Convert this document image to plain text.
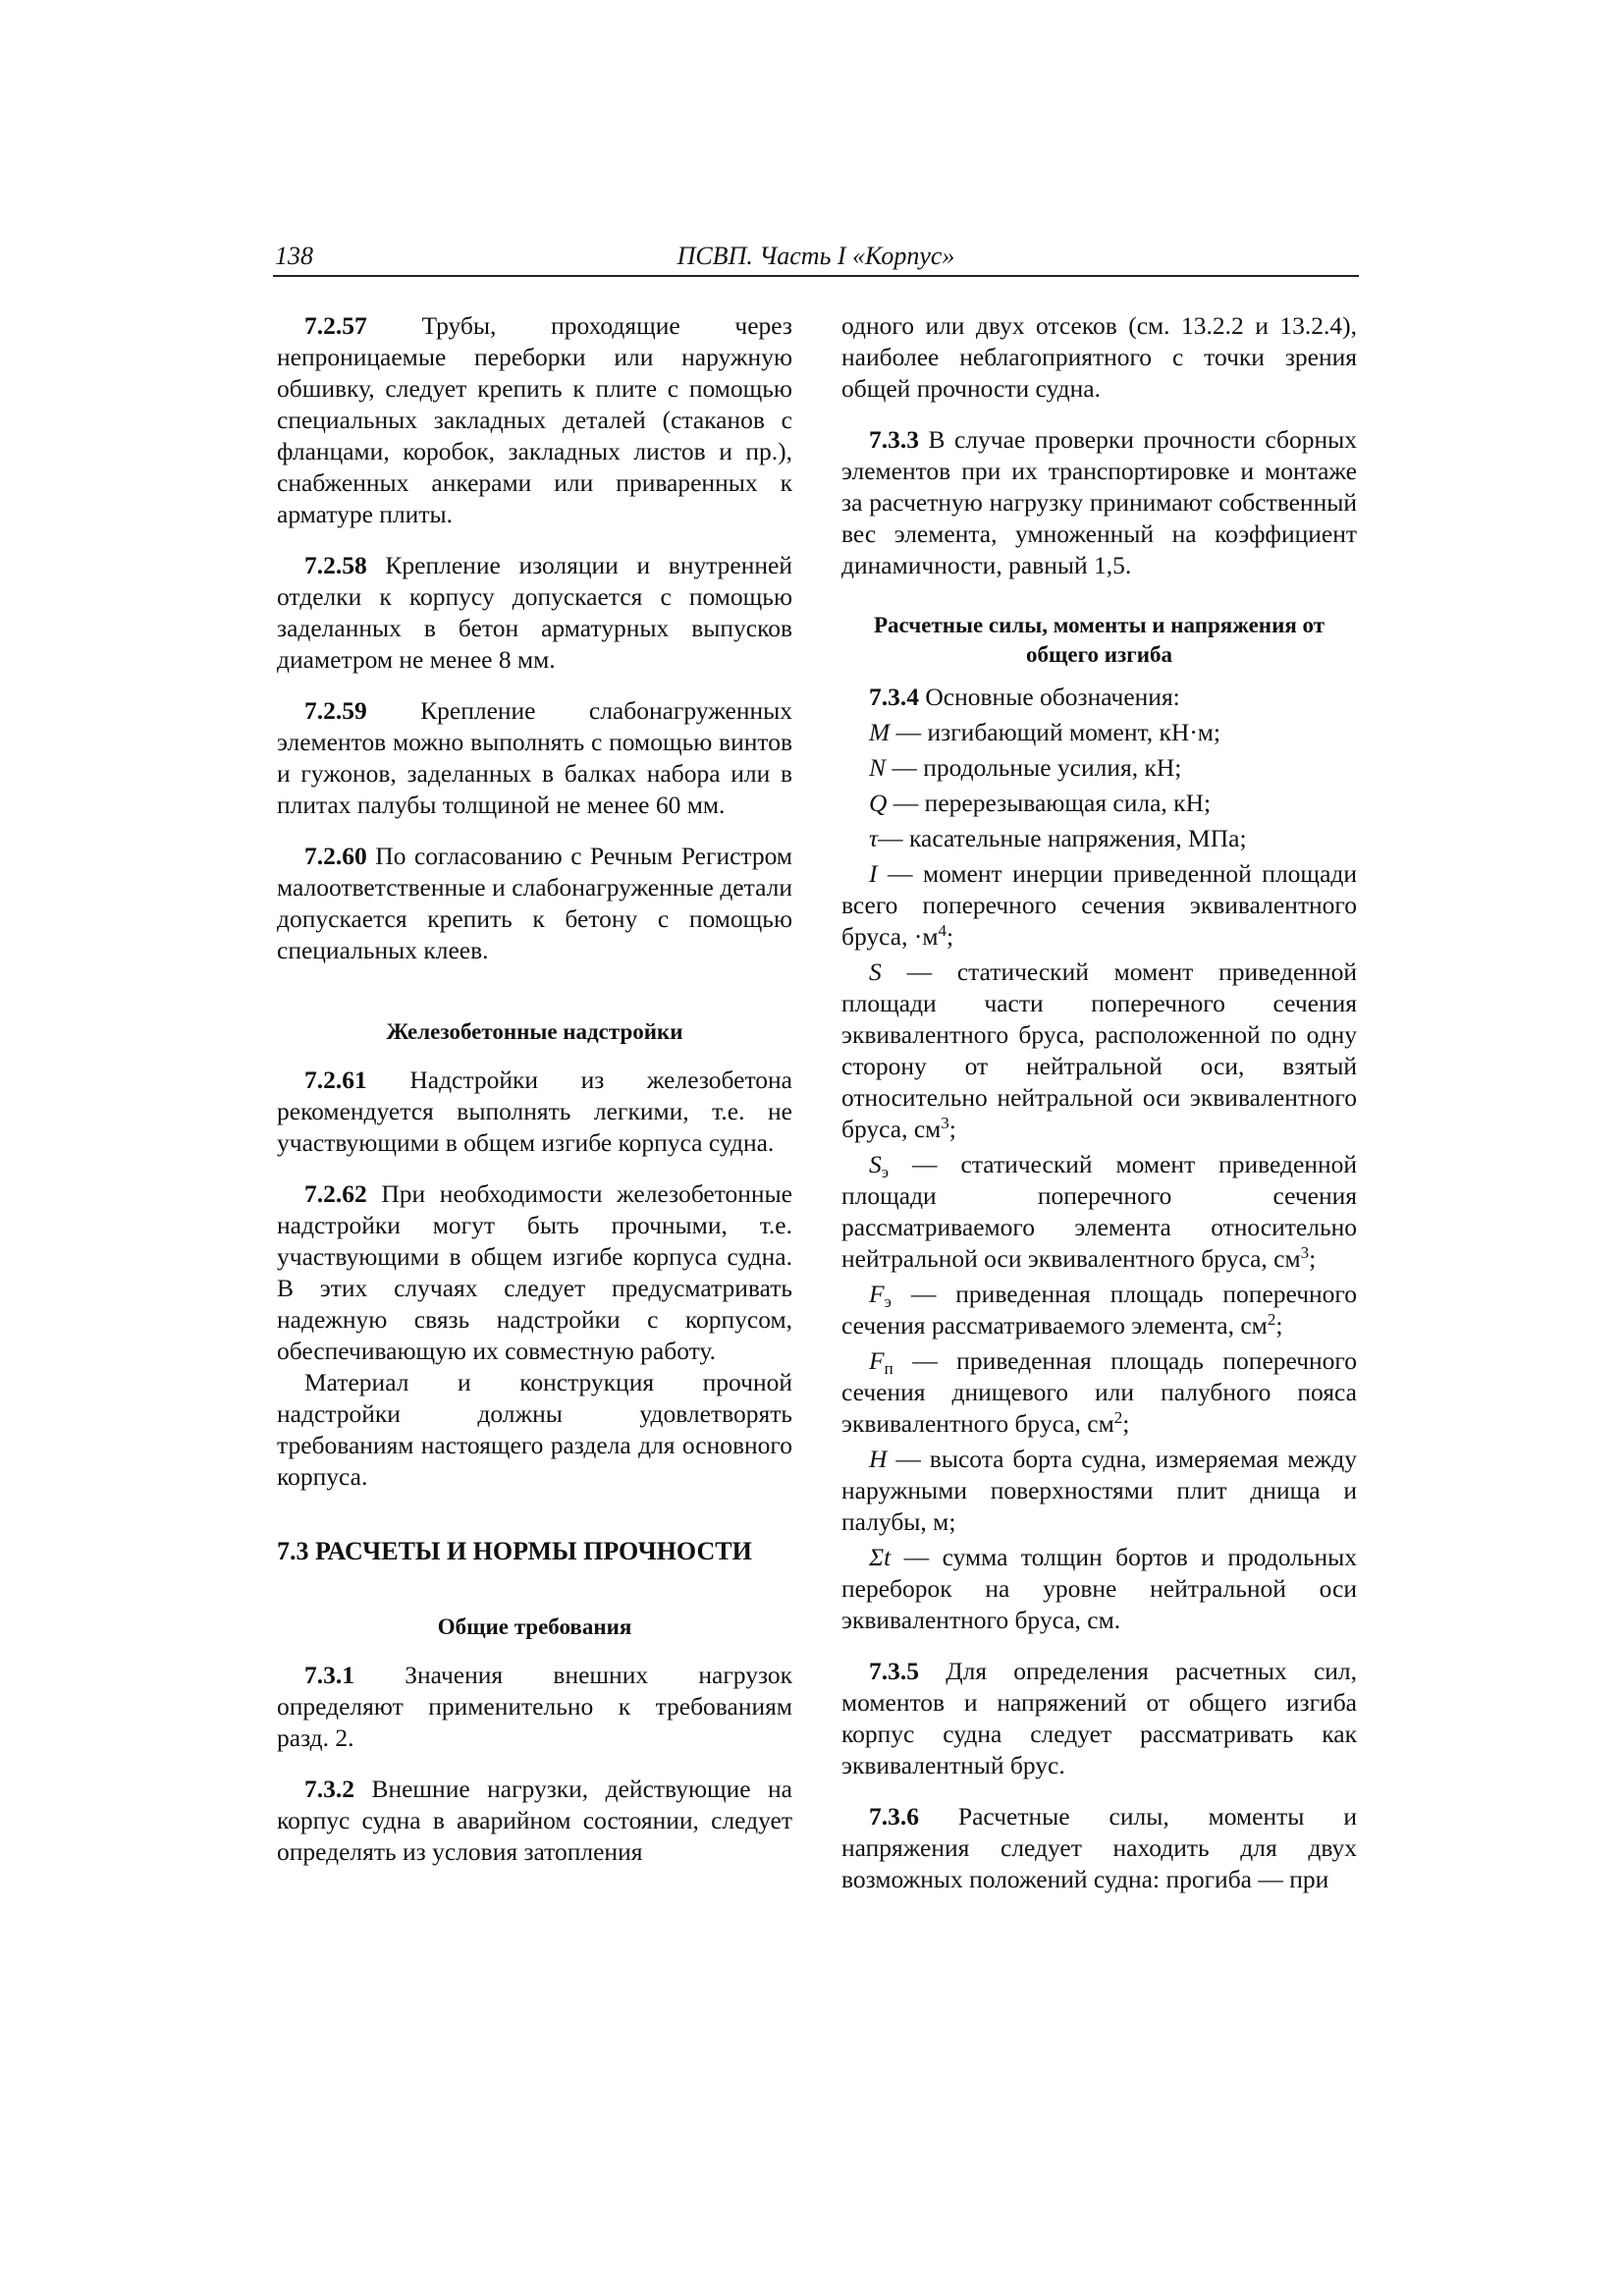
138	ПСВП. Часть I «Корпус»

7.2.57 Трубы, проходящие через непроницаемые переборки или наружную обшивку, следует крепить к плите с помощью специальных закладных деталей (стаканов с фланцами, коробок, закладных листов и пр.), снабженных анкерами или приваренных к арматуре плиты.

7.2.58 Крепление изоляции и внутренней отделки к корпусу допускается с помощью заделанных в бетон арматурных выпусков диаметром не менее 8 мм.

7.2.59 Крепление слабонагруженных элементов можно выполнять с помощью винтов и гужонов, заделанных в балках набора или в плитах палубы толщиной не менее 60 мм.

7.2.60 По согласованию с Речным Регистром малоответственные и слабонагруженные детали допускается крепить к бетону с помощью специальных клеев.

Железобетонные надстройки

7.2.61 Надстройки из железобетона рекомендуется выполнять легкими, т.е. не участвующими в общем изгибе корпуса судна.

7.2.62 При необходимости железобетонные надстройки могут быть прочными, т.е. участвующими в общем изгибе корпуса судна. В этих случаях следует предусматривать надежную связь надстройки с корпусом, обеспечивающую их совместную работу.

Материал и конструкция прочной надстройки должны удовлетворять требованиям настоящего раздела для основного корпуса.

7.3 РАСЧЕТЫ И НОРМЫ ПРОЧНОСТИ
Общие требования

7.3.1 Значения внешних нагрузок определяют применительно к требованиям разд. 2.

7.3.2 Внешние нагрузки, действующие на корпус судна в аварийном состоянии, следует определять из условия затопления

одного или двух отсеков (см. 13.2.2 и 13.2.4), наиболее неблагоприятного с точки зрения общей прочности судна.

7.3.3 В случае проверки прочности сборных элементов при их транспортировке и монтаже за расчетную нагрузку принимают собственный вес элемента, умноженный на коэффициент динамичности, равный 1,5.

Расчетные силы, моменты и напряжения от общего изгиба

7.3.4 Основные обозначения:

M — изгибающий момент, кН·м;

N — продольные усилия, кН;

Q — перерезывающая сила, кН;

τ— касательные напряжения, МПа;

I — момент инерции приведенной площади всего поперечного сечения эквивалентного бруса, $\cdot м^4$;

S — статический момент приведенной площади части поперечного сечения эквивалентного бруса, расположенной по одну сторону от нейтральной оси, взятый относительно нейтральной оси эквивалентного бруса, $см^3$;

$S_э$ — статический момент приведенной площади поперечного сечения рассматриваемого элемента относительно нейтральной оси эквивалентного бруса, $см^3$;

$F_э$ — приведенная площадь поперечного сечения рассматриваемого элемента, $см^2$;

$F_п$ — приведенная площадь поперечного сечения днищевого или палубного пояса эквивалентного бруса, $см^2$;

H — высота борта судна, измеряемая между наружными поверхностями плит днища и палубы, м;

Σt — сумма толщин бортов и продольных переборок на уровне нейтральной оси эквивалентного бруса, см.

7.3.5 Для определения расчетных сил, моментов и напряжений от общего изгиба корпус судна следует рассматривать как эквивалентный брус.

7.3.6 Расчетные силы, моменты и напряжения следует находить для двух возможных положений судна: прогиба — при
